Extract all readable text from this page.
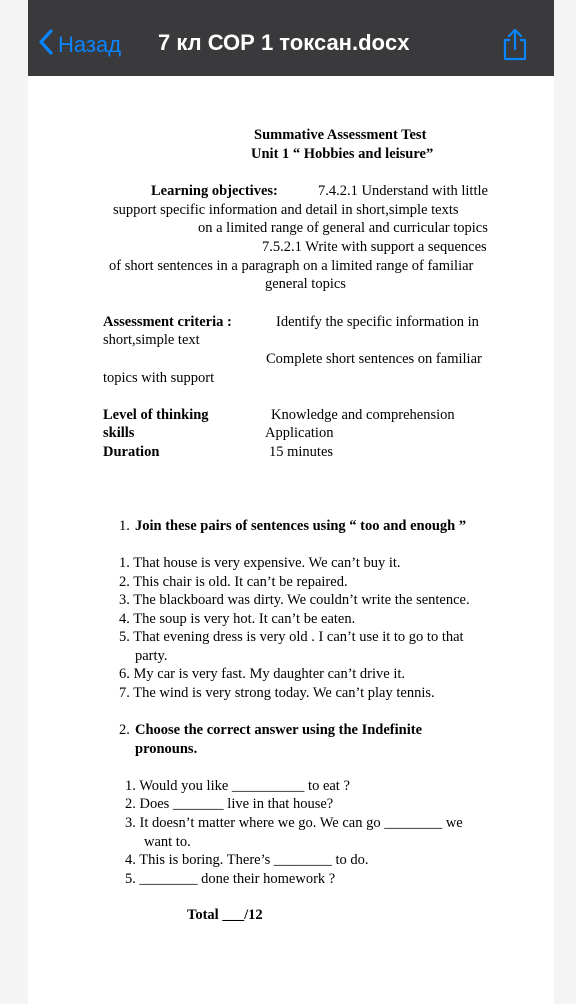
Назад 7 кл СОР 1 токсан.docx
Summative Assessment Test
Unit 1 “ Hobbies and leisure”
Learning objectives:	7.4.2.1 Understand with little
support specific information and detail in short,simple texts
on a limited range of general and curricular topics
7.5.2.1 Write with support a sequences
of short sentences in a paragraph on a limited range of familiar
general topics
Assessment criteria :	Identify the specific information in
short,simple text
Complete short sentences on familiar
topics with support
Level of thinking	Knowledge and comprehension
skills	Application
Duration	15 minutes
1. Join these pairs of sentences using “ too and enough ”
1. That house is very expensive. We can’t buy it.
2. This chair is old. It can’t be repaired.
3. The blackboard was dirty. We couldn’t write the sentence.
4. The soup is very hot. It can’t be eaten.
5. That evening dress is very old . I can’t use it to go to that
party.
6. My car is very fast. My daughter can’t drive it.
7. The wind is very strong today. We can’t play tennis.
2. Choose the correct answer using the Indefinite
pronouns.
1. Would you like __________ to eat ?
2. Does _______ live in that house?
3. It doesn’t matter where we go. We can go ________ we
want to.
4. This is boring. There’s ________ to do.
5. ________ done their homework ?
Total ___/12
